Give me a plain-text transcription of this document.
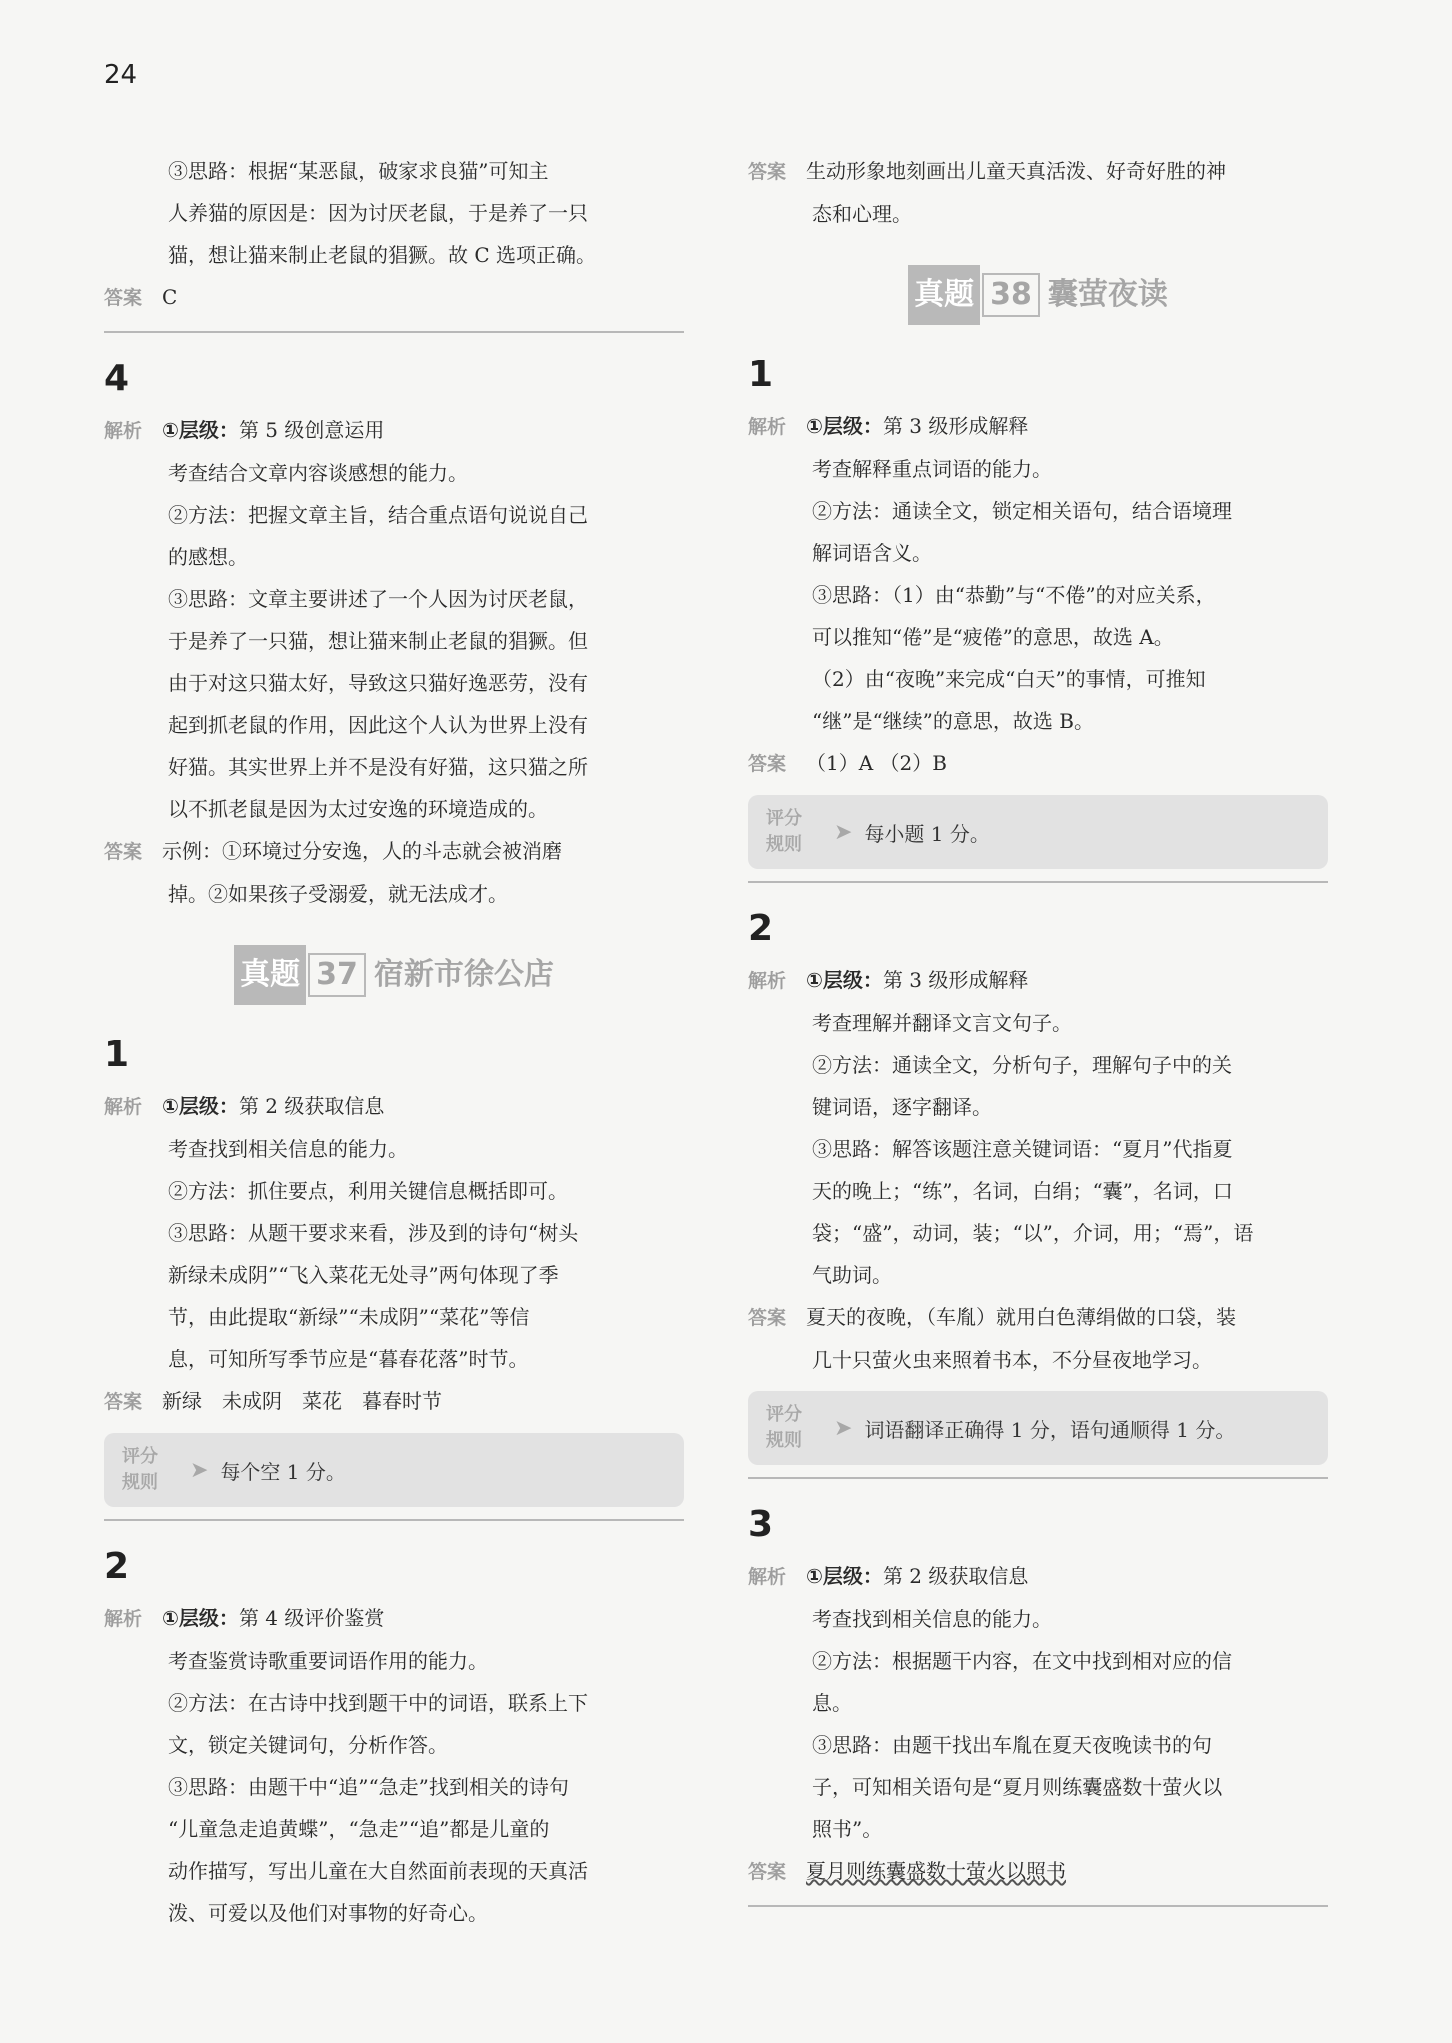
24
③思路：根据“某恶鼠，破家求良猫”可知主
人养猫的原因是：因为讨厌老鼠，于是养了一只
猫，想让猫来制止老鼠的猖獗。故 C 选项正确。
答案 C
4
解析 ①层级：第 5 级创意运用
考查结合文章内容谈感想的能力。
②方法：把握文章主旨，结合重点语句说说自己
的感想。
③思路：文章主要讲述了一个人因为讨厌老鼠，
于是养了一只猫，想让猫来制止老鼠的猖獗。但
由于对这只猫太好，导致这只猫好逸恶劳，没有
起到抓老鼠的作用，因此这个人认为世界上没有
好猫。其实世界上并不是没有好猫，这只猫之所
以不抓老鼠是因为太过安逸的环境造成的。
答案 示例：①环境过分安逸，人的斗志就会被消磨
掉。②如果孩子受溺爱，就无法成才。
真题 37 宿新市徐公店
1
解析 ①层级：第 2 级获取信息
考查找到相关信息的能力。
②方法：抓住要点，利用关键信息概括即可。
③思路：从题干要求来看，涉及到的诗句“树头
新绿未成阴”“飞入菜花无处寻”两句体现了季
节，由此提取“新绿”“未成阴”“菜花”等信
息，可知所写季节应是“暮春花落”时节。
答案 新绿　未成阴　菜花　暮春时节
评分
规则	➤ 每个空 1 分。
2
解析 ①层级：第 4 级评价鉴赏
考查鉴赏诗歌重要词语作用的能力。
②方法：在古诗中找到题干中的词语，联系上下
文，锁定关键词句，分析作答。
③思路：由题干中“追”“急走”找到相关的诗句
“儿童急走追黄蝶”，“急走”“追”都是儿童的
动作描写，写出儿童在大自然面前表现的天真活
泼、可爱以及他们对事物的好奇心。
答案 生动形象地刻画出儿童天真活泼、好奇好胜的神
态和心理。
真题 38 囊萤夜读
1
解析 ①层级：第 3 级形成解释
考查解释重点词语的能力。
②方法：通读全文，锁定相关语句，结合语境理
解词语含义。
③思路：（1）由“恭勤”与“不倦”的对应关系，
可以推知“倦”是“疲倦”的意思，故选 A。
（2）由“夜晚”来完成“白天”的事情，可推知
“继”是“继续”的意思，故选 B。
答案 （1）A （2）B
评分
规则	➤ 每小题 1 分。
2
解析 ①层级：第 3 级形成解释
考查理解并翻译文言文句子。
②方法：通读全文，分析句子，理解句子中的关
键词语，逐字翻译。
③思路：解答该题注意关键词语：“夏月”代指夏
天的晚上；“练”，名词，白绢；“囊”，名词，口
袋；“盛”，动词，装；“以”，介词，用；“焉”，语
气助词。
答案 夏天的夜晚，（车胤）就用白色薄绢做的口袋，装
几十只萤火虫来照着书本，不分昼夜地学习。
评分
规则	➤ 词语翻译正确得 1 分，语句通顺得 1 分。
3
解析 ①层级：第 2 级获取信息
考查找到相关信息的能力。
②方法：根据题干内容，在文中找到相对应的信
息。
③思路：由题干找出车胤在夏天夜晚读书的句
子，可知相关语句是“夏月则练囊盛数十萤火以
照书”。
答案 夏月则练囊盛数十萤火以照书
